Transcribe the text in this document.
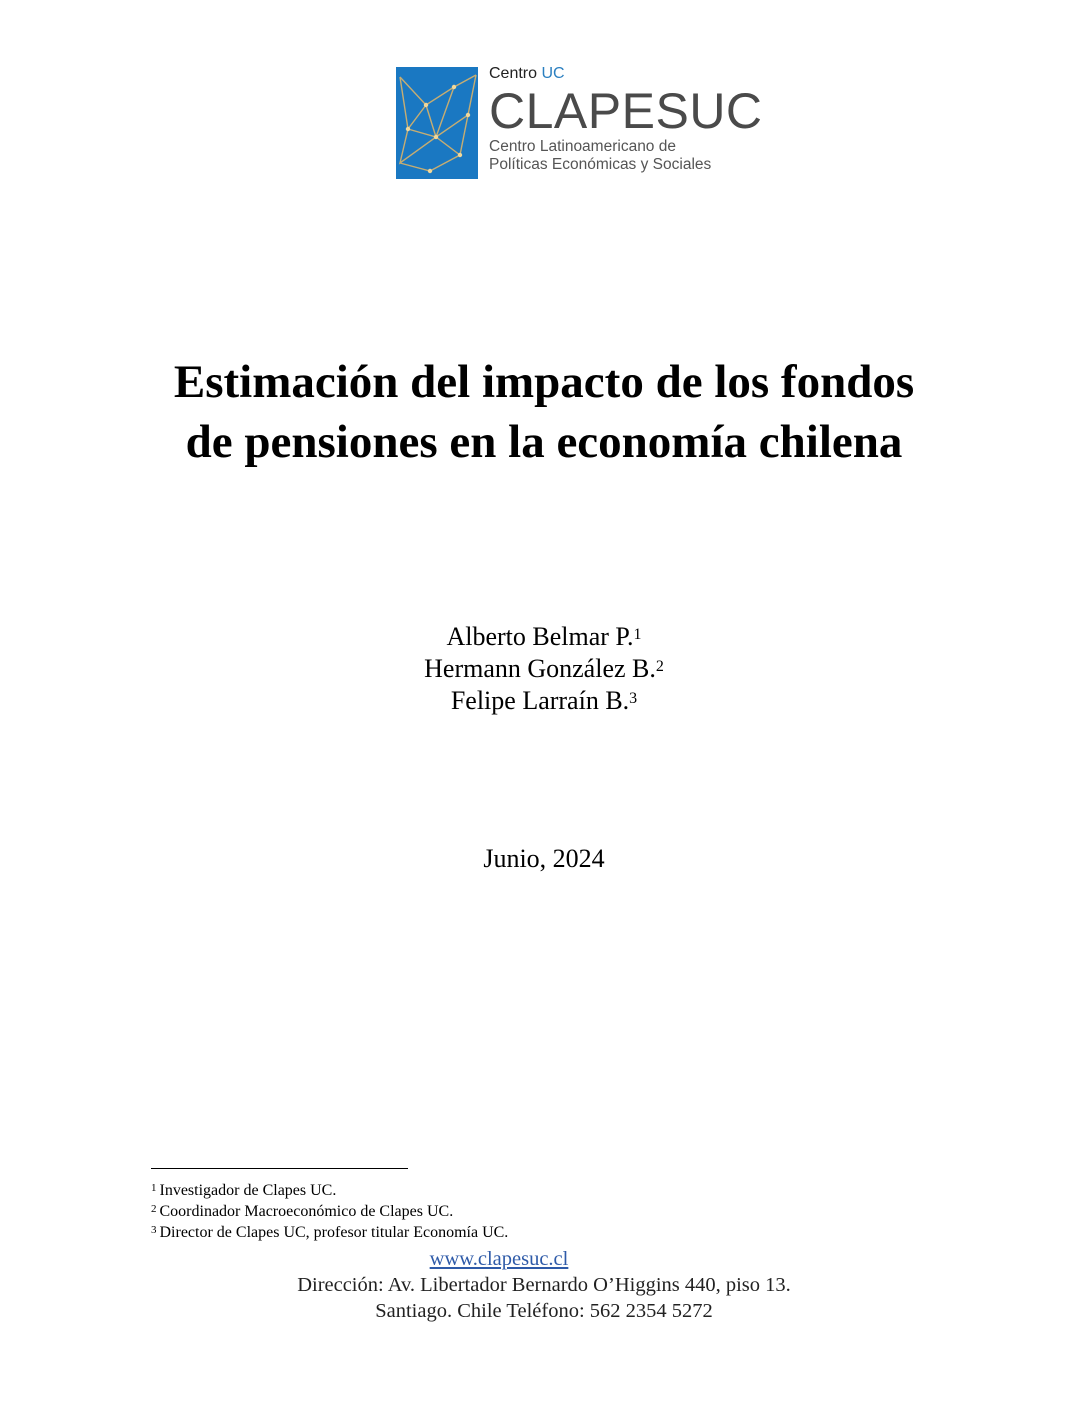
Centro UC
CLAPESUC
Centro Latinoamericano de
Políticas Económicas y Sociales
Estimación del impacto de los fondos
de pensiones en la economía chilena
Alberto Belmar P.$^1$
Hermann González B.$^2$
Felipe Larraín B.$^3$
Junio, 2024
$^1$ Investigador de Clapes UC.
$^2$ Coordinador Macroeconómico de Clapes UC.
$^3$ Director de Clapes UC, profesor titular Economía UC.
www.clapesuc.cl
Dirección: Av. Libertador Bernardo O’Higgins 440, piso 13.
Santiago. Chile Teléfono: 562 2354 5272
